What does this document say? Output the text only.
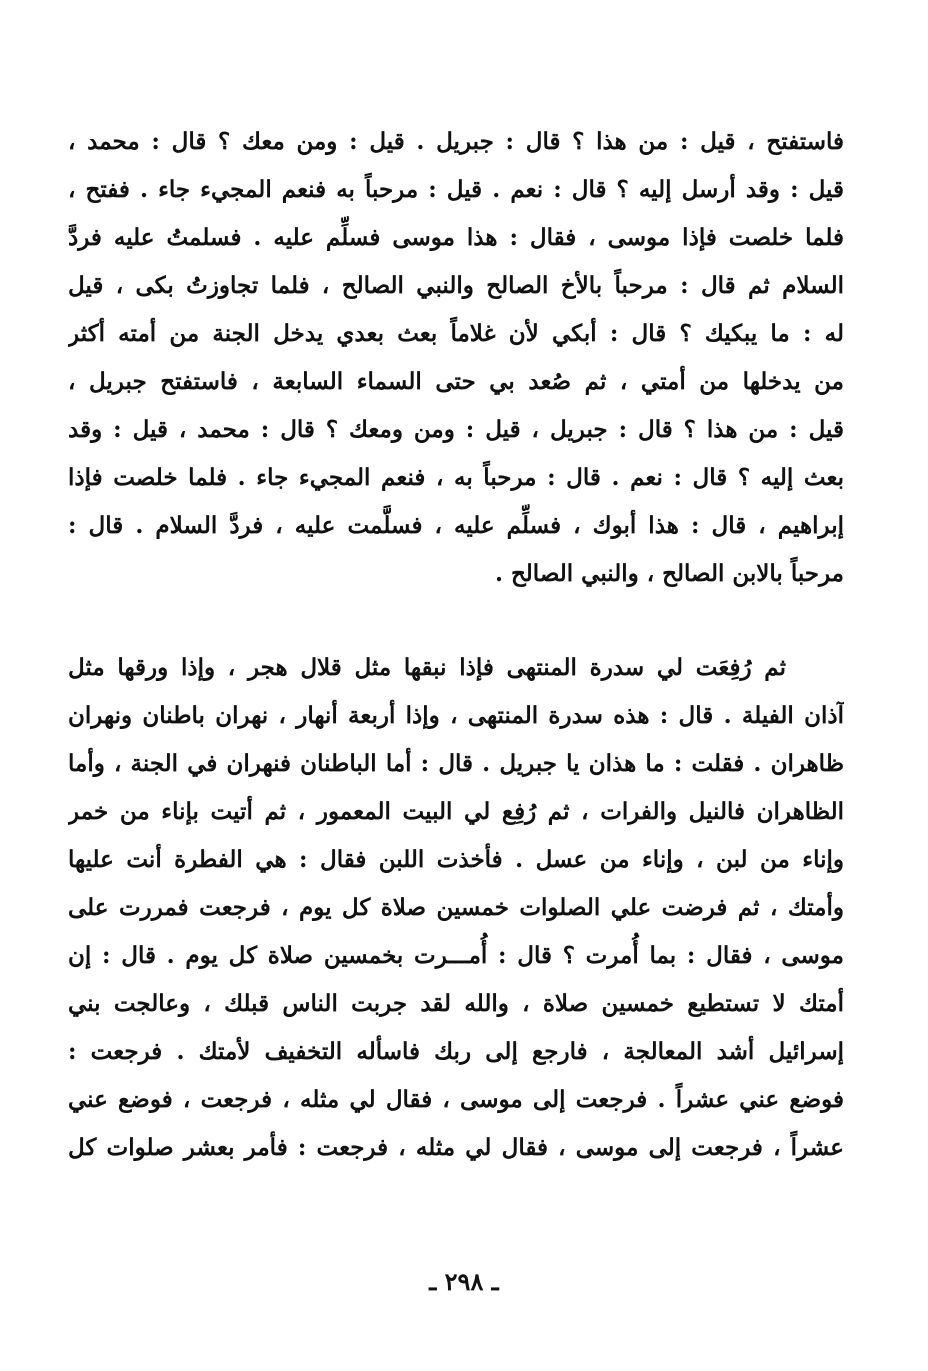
فاستفتح ، قيل : من هذا ؟ قال : جبريل . قيل : ومن معك ؟ قال : محمد ،
قيل : وقد أرسل إليه ؟ قال : نعم . قيل : مرحباً به فنعم المجيء جاء . ففتح ،
فلما خلصت فإذا موسى ، فقال : هذا موسى فسلِّم عليه . فسلمتُ عليه فردَّ
السلام ثم قال : مرحباً بالأخ الصالح والنبي الصالح ، فلما تجاوزتُ بكى ، قيل
له : ما يبكيك ؟ قال : أبكي لأن غلاماً بعث بعدي يدخل الجنة من أمته أكثر
من يدخلها من أمتي ، ثم صُعد بي حتى السماء السابعة ، فاستفتح جبريل ،
قيل : من هذا ؟ قال : جبريل ، قيل : ومن ومعك ؟ قال : محمد ، قيل : وقد
بعث إليه ؟ قال : نعم . قال : مرحباً به ، فنعم المجيء جاء . فلما خلصت فإذا
إبراهيم ، قال : هذا أبوك ، فسلِّم عليه ، فسلَّمت عليه ، فردَّ السلام . قال :
مرحباً بالابن الصالح ، والنبي الصالح .
ثم رُفِعَت لي سدرة المنتهى فإذا نبقها مثل قلال هجر ، وإذا ورقها مثل
آذان الفيلة . قال : هذه سدرة المنتهى ، وإذا أربعة أنهار ، نهران باطنان ونهران
ظاهران . فقلت : ما هذان يا جبريل . قال : أما الباطنان فنهران في الجنة ، وأما
الظاهران فالنيل والفرات ، ثم رُفِع لي البيت المعمور ، ثم أتيت بإناء من خمر
وإناء من لبن ، وإناء من عسل . فأخذت اللبن فقال : هي الفطرة أنت عليها
وأمتك ، ثم فرضت علي الصلوات خمسين صلاة كل يوم ، فرجعت فمررت على
موسى ، فقال : بما أُمرت ؟ قال : أُمـــرت بخمسين صلاة كل يوم . قال : إن
أمتك لا تستطيع خمسين صلاة ، والله لقد جربت الناس قبلك ، وعالجت بني
إسرائيل أشد المعالجة ، فارجع إلى ربك فاسأله التخفيف لأمتك . فرجعت :
فوضع عني عشراً . فرجعت إلى موسى ، فقال لي مثله ، فرجعت ، فوضع عني
عشراً ، فرجعت إلى موسى ، فقال لي مثله ، فرجعت : فأمر بعشر صلوات كل
ـ ٢٩٨ ـ
